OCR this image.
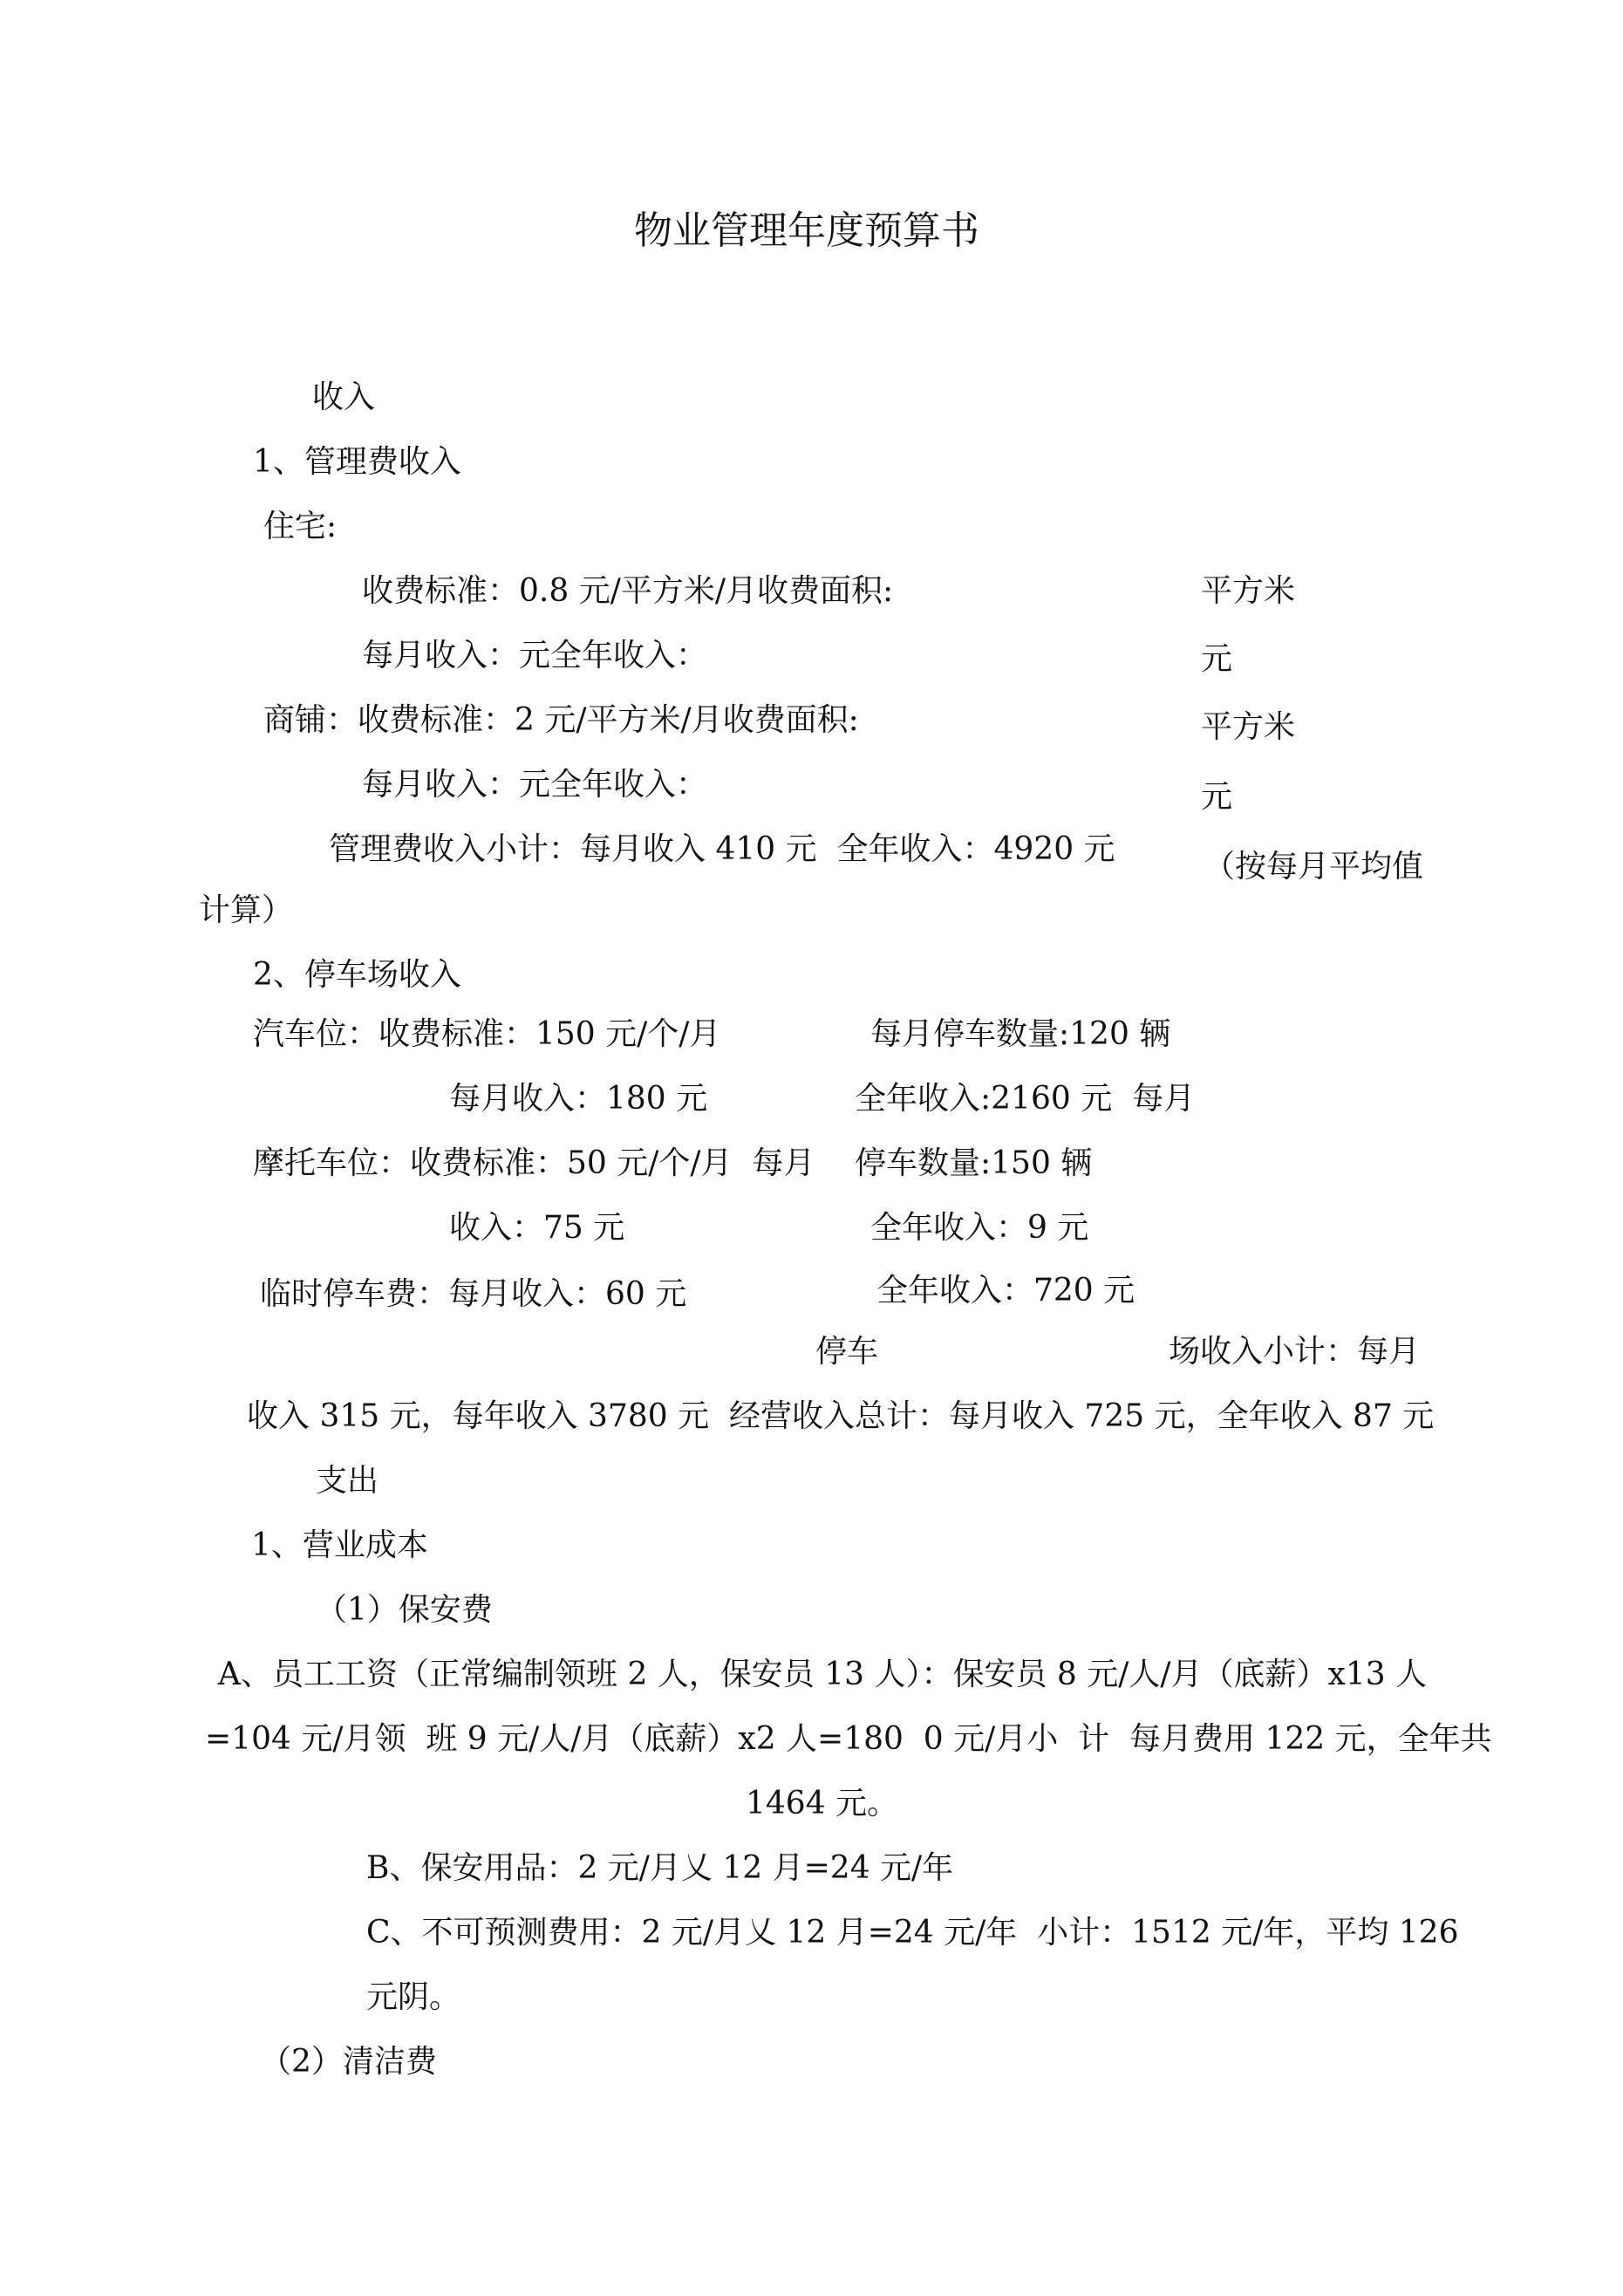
物业管理年度预算书
收入
1、管理费收入
住宅:
收费标准：0.8 元/平方米/月收费面积:	平方米
每月收入：元全年收入：	元
商铺：收费标准：2 元/平方米/月收费面积:	平方米
每月收入：元全年收入：	元
管理费收入小计：每月收入 410 元  全年收入：4920 元	（按每月平均值
计算）
2、停车场收入
汽车位：收费标准：150 元/个/月	每月停车数量:120 辆
每月收入：180 元	全年收入:2160 元  每月
摩托车位：收费标准：50 元/个/月  每月 停车数量:150 辆
收入：75 元	全年收入：9 元
临时停车费：每月收入：60 元	全年收入：720 元
停车	场收入小计：每月
收入 315 元，每年收入 3780 元  经营收入总计：每月收入 725 元，全年收入 87 元
支出
1、营业成本
（1）保安费
A、员工工资（正常编制领班 2 人，保安员 13 人）：保安员 8 元/人/月（底薪）x13 人
=104 元/月领  班 9 元/人/月（底薪）x2 人=180  0 元/月小  计  每月费用 122 元，全年共
1464 元。
B、保安用品：2 元/月乂 12 月=24 元/年
C、不可预测费用：2 元/月乂 12 月=24 元/年  小计：1512 元/年，平均 126
元阴。
（2）清洁费
